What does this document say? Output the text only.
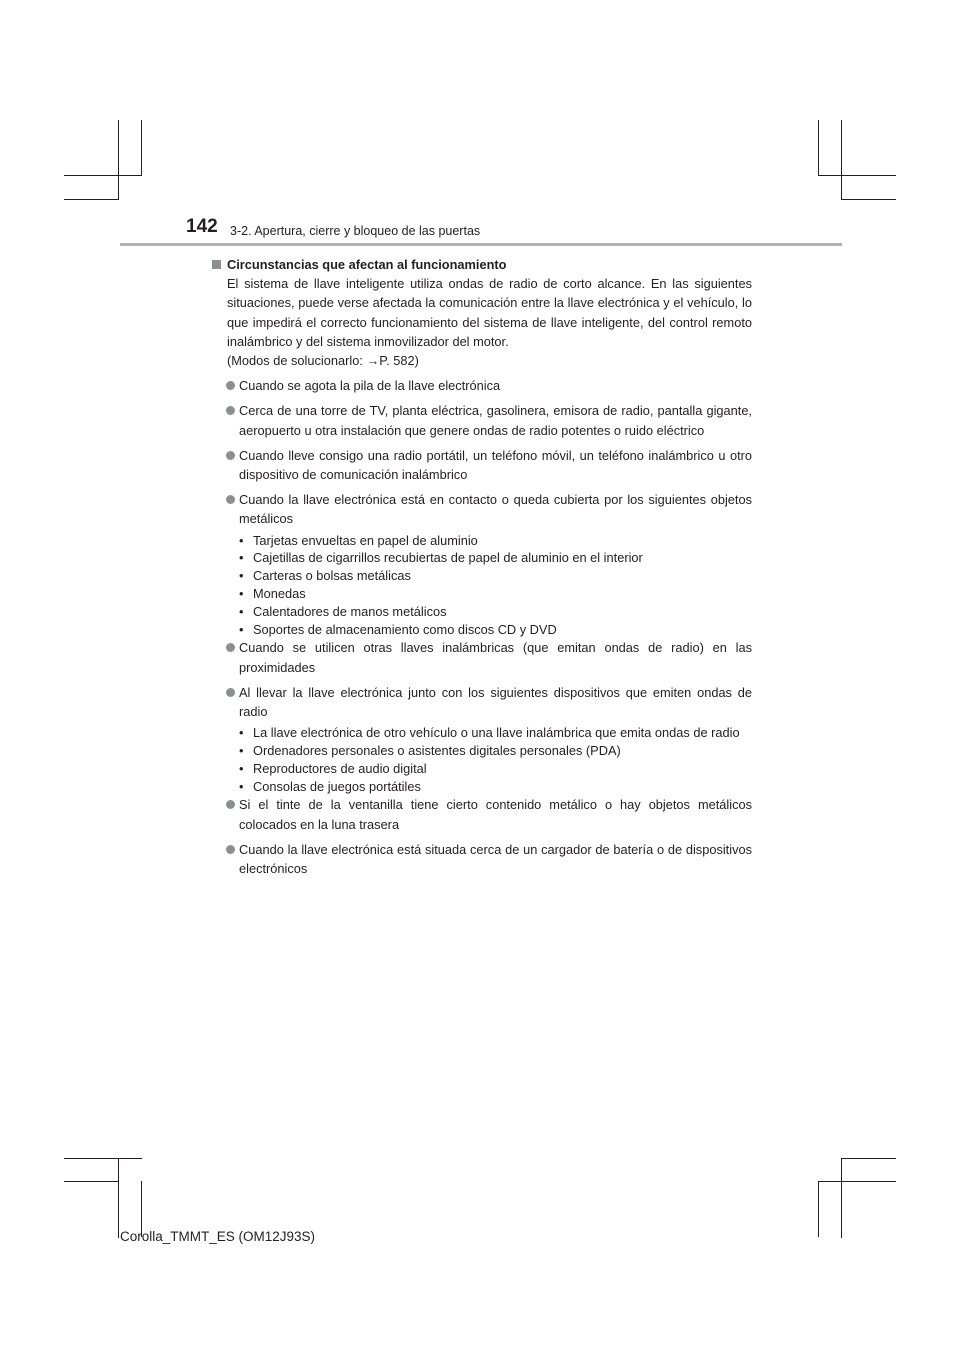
142 3-2. Apertura, cierre y bloqueo de las puertas
Circunstancias que afectan al funcionamiento
El sistema de llave inteligente utiliza ondas de radio de corto alcance. En las siguientes situaciones, puede verse afectada la comunicación entre la llave electrónica y el vehículo, lo que impedirá el correcto funcionamiento del sistema de llave inteligente, del control remoto inalámbrico y del sistema inmovilizador del motor.
(Modos de solucionarlo: →P. 582)
Cuando se agota la pila de la llave electrónica
Cerca de una torre de TV, planta eléctrica, gasolinera, emisora de radio, pantalla gigante, aeropuerto u otra instalación que genere ondas de radio potentes o ruido eléctrico
Cuando lleve consigo una radio portátil, un teléfono móvil, un teléfono inalámbrico u otro dispositivo de comunicación inalámbrico
Cuando la llave electrónica está en contacto o queda cubierta por los siguientes objetos metálicos
• Tarjetas envueltas en papel de aluminio
• Cajetillas de cigarrillos recubiertas de papel de aluminio en el interior
• Carteras o bolsas metálicas
• Monedas
• Calentadores de manos metálicos
• Soportes de almacenamiento como discos CD y DVD
Cuando se utilicen otras llaves inalámbricas (que emitan ondas de radio) en las proximidades
Al llevar la llave electrónica junto con los siguientes dispositivos que emiten ondas de radio
• La llave electrónica de otro vehículo o una llave inalámbrica que emita ondas de radio
• Ordenadores personales o asistentes digitales personales (PDA)
• Reproductores de audio digital
• Consolas de juegos portátiles
Si el tinte de la ventanilla tiene cierto contenido metálico o hay objetos metálicos colocados en la luna trasera
Cuando la llave electrónica está situada cerca de un cargador de batería o de dispositivos electrónicos
Corolla_TMMT_ES (OM12J93S)
